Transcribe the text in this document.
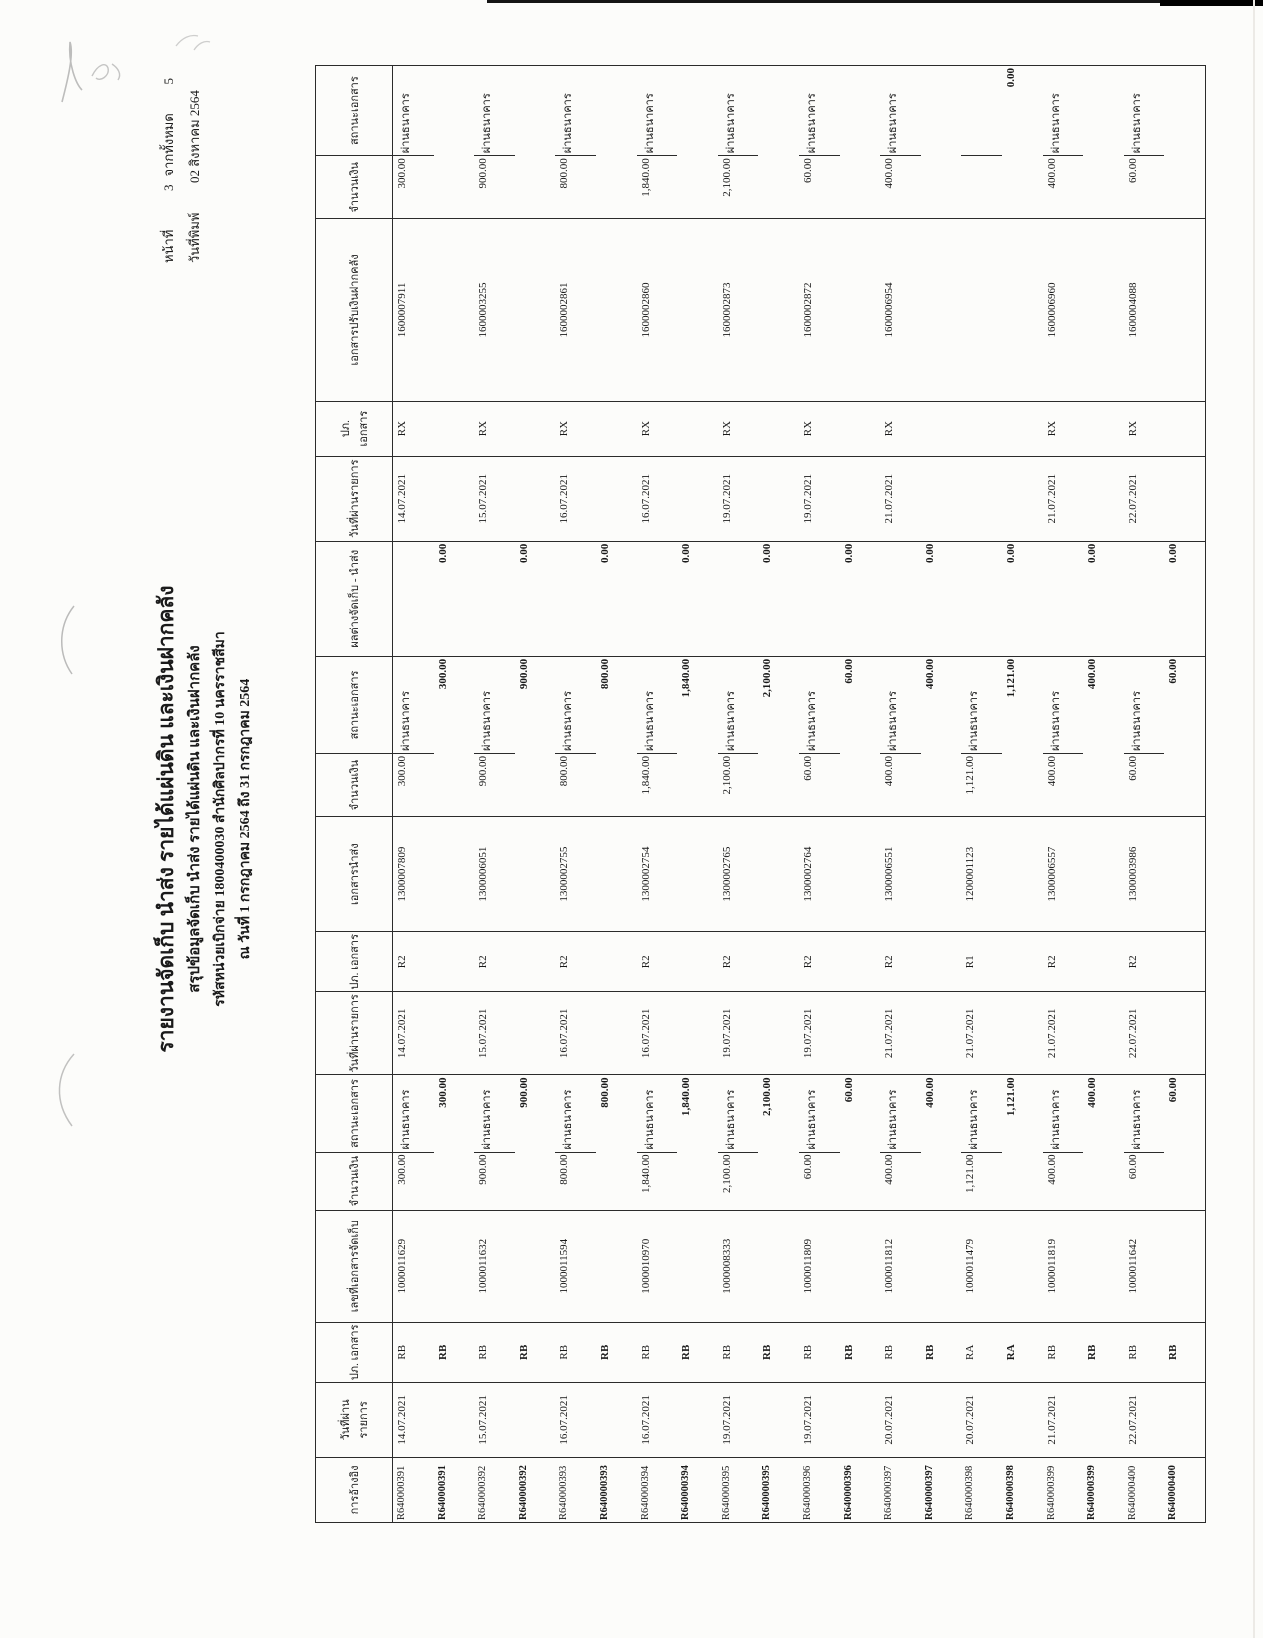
หน้าที่
3
จากทั้งหมด
5
วันที่พิมพ์
02 สิงหาคม 2564
รายงานจัดเก็บ นำส่ง รายได้แผ่นดิน และเงินฝากคลัง สรุปข้อมูลจัดเก็บ นำส่ง รายได้แผ่นดิน และเงินฝากคลัง รหัสหน่วยเบิกจ่าย 1800400030 สำนักศิลปากรที่ 10 นครราชสีมา ณ วันที่ 1 กรกฎาคม 2564 ถึง 31 กรกฎาคม 2564
การอ้างอิง	วันที่ผ่านรายการ	ปภ. เอกสาร	เลขที่เอกสารจัดเก็บ	จำนวนเงิน	สถานะเอกสาร	วันที่ผ่านรายการ	ปภ. เอกสาร	เอกสารนำส่ง	จำนวนเงิน	สถานะเอกสาร	ผลต่างจัดเก็บ - นำส่ง	วันที่ผ่านรายการ	ปภ. เอกสาร	เอกสารปรับเงินฝากคลัง	จำนวนเงิน	สถานะเอกสาร
R640000391	14.07.2021	RB	1000011629	300.00	ผ่านธนาคาร	14.07.2021	R2	1300007809	300.00	ผ่านธนาคาร		14.07.2021	RX	1600007911	300.00	ผ่านธนาคาร
R640000391		RB		300.00					300.00		0.00					
R640000392	15.07.2021	RB	1000011632	900.00	ผ่านธนาคาร	15.07.2021	R2	1300006051	900.00	ผ่านธนาคาร		15.07.2021	RX	1600003255	900.00	ผ่านธนาคาร
R640000392		RB		900.00					900.00		0.00					
R640000393	16.07.2021	RB	1000011594	800.00	ผ่านธนาคาร	16.07.2021	R2	1300002755	800.00	ผ่านธนาคาร		16.07.2021	RX	1600002861	800.00	ผ่านธนาคาร
R640000393		RB		800.00					800.00		0.00					
R640000394	16.07.2021	RB	1000010970	1,840.00	ผ่านธนาคาร	16.07.2021	R2	1300002754	1,840.00	ผ่านธนาคาร		16.07.2021	RX	1600002860	1,840.00	ผ่านธนาคาร
R640000394		RB		1,840.00					1,840.00		0.00					
R640000395	19.07.2021	RB	1000008333	2,100.00	ผ่านธนาคาร	19.07.2021	R2	1300002765	2,100.00	ผ่านธนาคาร		19.07.2021	RX	1600002873	2,100.00	ผ่านธนาคาร
R640000395		RB		2,100.00					2,100.00		0.00					
R640000396	19.07.2021	RB	1000011809	60.00	ผ่านธนาคาร	19.07.2021	R2	1300002764	60.00	ผ่านธนาคาร		19.07.2021	RX	1600002872	60.00	ผ่านธนาคาร
R640000396		RB		60.00					60.00		0.00					
R640000397	20.07.2021	RB	1000011812	400.00	ผ่านธนาคาร	21.07.2021	R2	1300006551	400.00	ผ่านธนาคาร		21.07.2021	RX	1600006954	400.00	ผ่านธนาคาร
R640000397		RB		400.00					400.00		0.00					
R640000398	20.07.2021	RA	1000011479	1,121.00	ผ่านธนาคาร	21.07.2021	R1	1200001123	1,121.00	ผ่านธนาคาร						
R640000398		RA		1,121.00					1,121.00		0.00				0.00	
R640000399	21.07.2021	RB	1000011819	400.00	ผ่านธนาคาร	21.07.2021	R2	1300006557	400.00	ผ่านธนาคาร		21.07.2021	RX	1600006960	400.00	ผ่านธนาคาร
R640000399		RB		400.00					400.00		0.00					
R640000400	22.07.2021	RB	1000011642	60.00	ผ่านธนาคาร	22.07.2021	R2	1300003986	60.00	ผ่านธนาคาร		22.07.2021	RX	1600004088	60.00	ผ่านธนาคาร
R640000400		RB		60.00					60.00		0.00					
